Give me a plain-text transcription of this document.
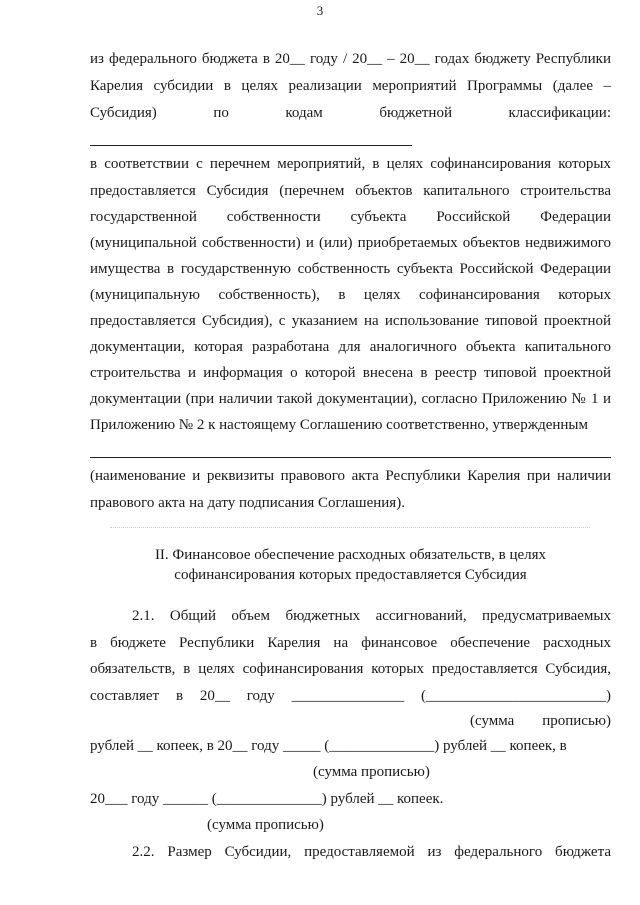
3
из федерального бюджета в 20__ году / 20__ – 20__ годах бюджету Республики
Карелия субсидии в целях реализации мероприятий Программы (далее –
Субсидия) по кодам бюджетной классификации:
в соответствии с перечнем мероприятий, в целях софинансирования которых
предоставляется Субсидия (перечнем объектов капитального строительства
государственной собственности субъекта Российской Федерации
(муниципальной собственности) и (или) приобретаемых объектов недвижимого
имущества в государственную собственность субъекта Российской Федерации
(муниципальную собственность), в целях софинансирования которых
предоставляется Субсидия), с указанием на использование типовой проектной
документации, которая разработана для аналогичного объекта капитального
строительства и информация о которой внесена в реестр типовой проектной
документации (при наличии такой документации), согласно Приложению № 1 и
Приложению № 2 к настоящему Соглашению соответственно, утвержденным
(наименование и реквизиты правового акта Республики Карелия при наличии
правового акта на дату подписания Соглашения).
II. Финансовое обеспечение расходных обязательств, в целях
софинансирования которых предоставляется Субсидия
2.1. Общий объем бюджетных ассигнований, предусматриваемых
в бюджете Республики Карелия на финансовое обеспечение расходных
обязательств, в целях софинансирования которых предоставляется Субсидия,
составляет в 20__ году _______________ (________________________)
(сумма прописью)
рублей __ копеек, в 20__ году _____ (______________) рублей __ копеек, в
(сумма прописью)
20___ году ______ (______________) рублей __ копеек.
(сумма прописью)
2.2. Размер Субсидии, предоставляемой из федерального бюджета
